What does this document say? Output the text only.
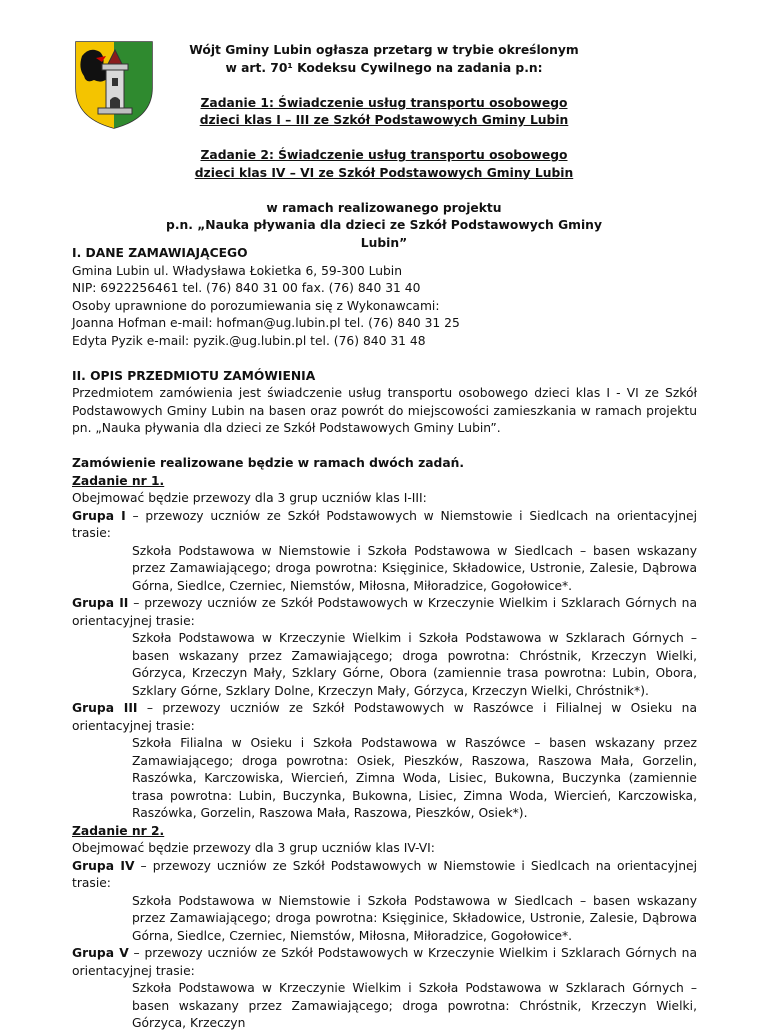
Wójt Gminy Lubin ogłasza przetarg w trybie określonym

w art. 70¹ Kodeksu Cywilnego na zadania p.n:

Zadanie 1: Świadczenie usług transportu osobowego

dzieci klas I – III ze Szkół Podstawowych Gminy Lubin

Zadanie 2: Świadczenie usług transportu osobowego

dzieci klas IV – VI ze Szkół Podstawowych Gminy Lubin

w ramach realizowanego projektu

p.n. „Nauka pływania dla dzieci ze Szkół Podstawowych Gminy Lubin”

I. DANE ZAMAWIAJĄCEGO

Gmina Lubin ul. Władysława Łokietka 6, 59-300 Lubin

NIP: 6922256461 tel. (76) 840 31 00 fax. (76) 840 31 40

Osoby uprawnione do porozumiewania się z Wykonawcami:

Joanna Hofman e-mail: hofman@ug.lubin.pl tel. (76) 840 31 25

Edyta Pyzik e-mail: pyzik.@ug.lubin.pl tel. (76) 840 31 48

II. OPIS PRZEDMIOTU ZAMÓWIENIA

Przedmiotem zamówienia jest świadczenie usług transportu osobowego dzieci klas I - VI ze Szkół Podstawowych Gminy Lubin na basen oraz powrót do miejscowości zamieszkania w ramach projektu pn. „Nauka pływania dla dzieci ze Szkół Podstawowych Gminy Lubin”.

Zamówienie realizowane będzie w ramach dwóch zadań.

Zadanie nr 1.

Obejmować będzie przewozy dla 3 grup uczniów klas I-III:

Grupa I – przewozy uczniów ze Szkół Podstawowych w Niemstowie i Siedlcach na orientacyjnej trasie:

Szkoła Podstawowa w Niemstowie i Szkoła Podstawowa w Siedlcach – basen wskazany przez Zamawiającego; droga powrotna: Księginice, Składowice, Ustronie, Zalesie, Dąbrowa Górna, Siedlce, Czerniec, Niemstów, Miłosna, Miłoradzice, Gogołowice*.

Grupa II – przewozy uczniów ze Szkół Podstawowych w Krzeczynie Wielkim i Szklarach Górnych na orientacyjnej trasie:

Szkoła Podstawowa w Krzeczynie Wielkim i Szkoła Podstawowa w Szklarach Górnych – basen wskazany przez Zamawiającego; droga powrotna: Chróstnik, Krzeczyn Wielki, Górzyca, Krzeczyn Mały, Szklary Górne, Obora (zamiennie trasa powrotna: Lubin, Obora, Szklary Górne, Szklary Dolne, Krzeczyn Mały, Górzyca, Krzeczyn Wielki, Chróstnik*).

Grupa III – przewozy uczniów ze Szkół Podstawowych w Raszówce i Filialnej w Osieku na orientacyjnej trasie:

Szkoła Filialna w Osieku i Szkoła Podstawowa w Raszówce – basen wskazany przez Zamawiającego; droga powrotna: Osiek, Pieszków, Raszowa, Raszowa Mała, Gorzelin, Raszówka, Karczowiska, Wiercień, Zimna Woda, Lisiec, Bukowna, Buczynka (zamiennie trasa powrotna: Lubin, Buczynka, Bukowna, Lisiec, Zimna Woda, Wiercień, Karczowiska, Raszówka, Gorzelin, Raszowa Mała, Raszowa, Pieszków, Osiek*).

Zadanie nr 2.

Obejmować będzie przewozy dla 3 grup uczniów klas IV-VI:

Grupa IV – przewozy uczniów ze Szkół Podstawowych w Niemstowie i Siedlcach na orientacyjnej trasie:

Szkoła Podstawowa w Niemstowie i Szkoła Podstawowa w Siedlcach – basen wskazany przez Zamawiającego; droga powrotna: Księginice, Składowice, Ustronie, Zalesie, Dąbrowa Górna, Siedlce, Czerniec, Niemstów, Miłosna, Miłoradzice, Gogołowice*.

Grupa V – przewozy uczniów ze Szkół Podstawowych w Krzeczynie Wielkim i Szklarach Górnych na orientacyjnej trasie:

Szkoła Podstawowa w Krzeczynie Wielkim i Szkoła Podstawowa w Szklarach Górnych – basen wskazany przez Zamawiającego; droga powrotna: Chróstnik, Krzeczyn Wielki, Górzyca, Krzeczyn
